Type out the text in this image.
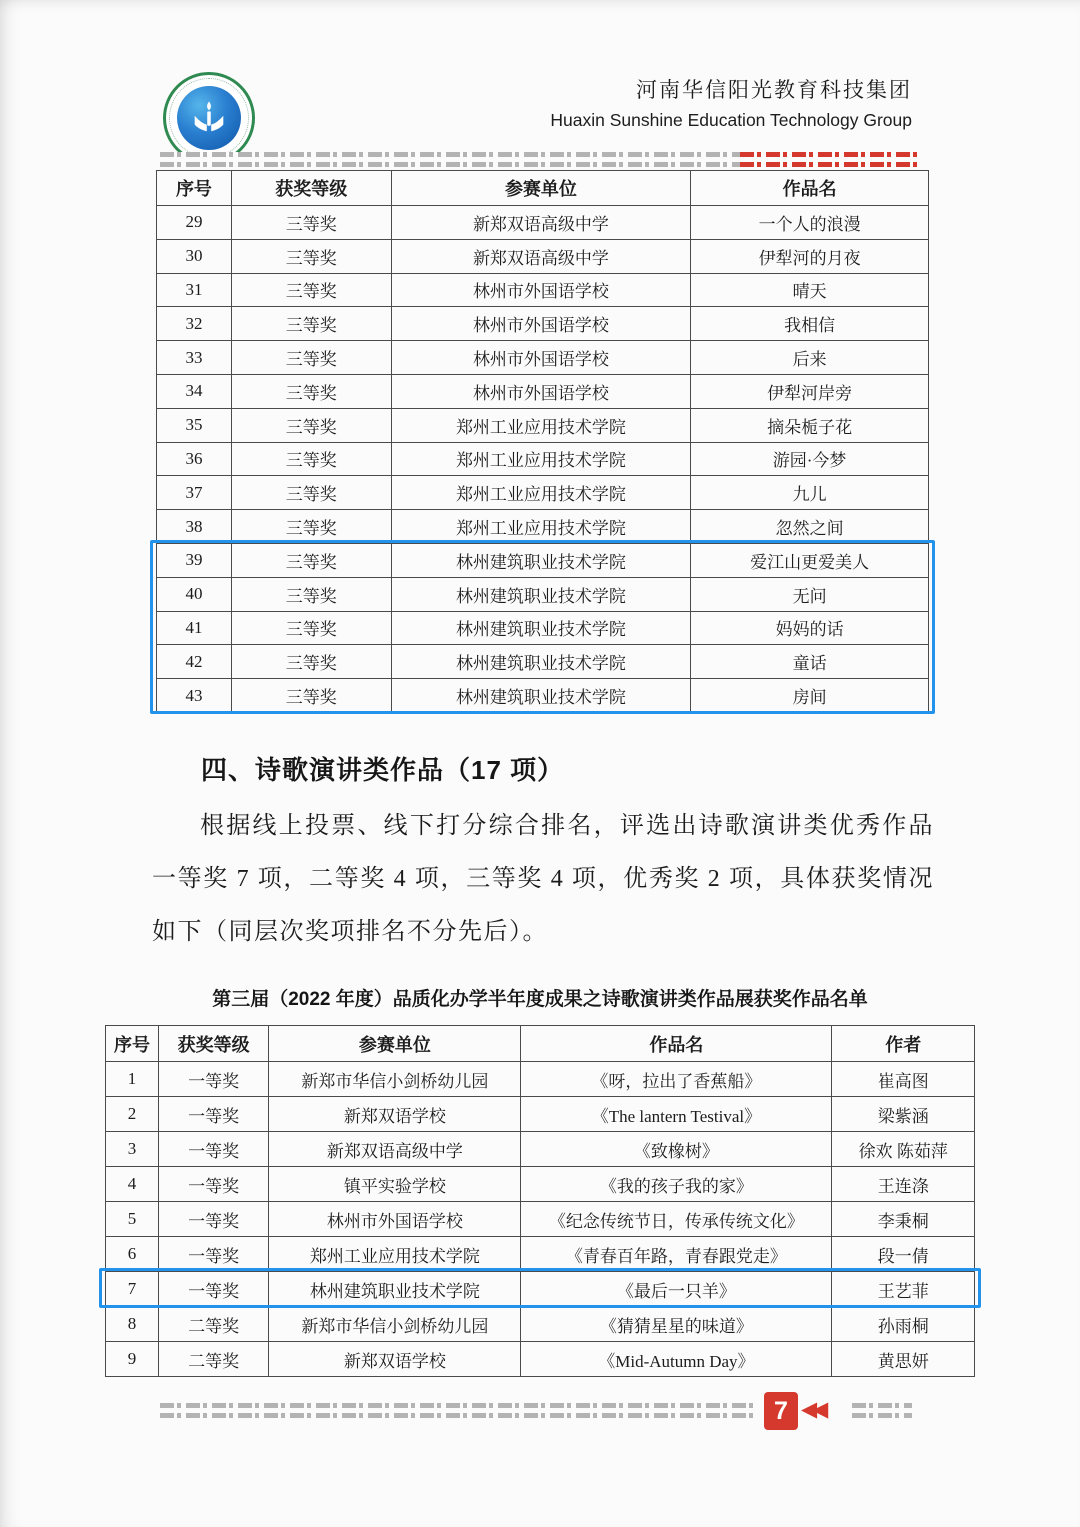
河南华信阳光教育科技集团
Huaxin Sunshine Education Technology Group
序号	获奖等级	参赛单位	作品名
29	三等奖	新郑双语高级中学	一个人的浪漫
30	三等奖	新郑双语高级中学	伊犁河的月夜
31	三等奖	林州市外国语学校	晴天
32	三等奖	林州市外国语学校	我相信
33	三等奖	林州市外国语学校	后来
34	三等奖	林州市外国语学校	伊犁河岸旁
35	三等奖	郑州工业应用技术学院	摘朵栀子花
36	三等奖	郑州工业应用技术学院	游园·今梦
37	三等奖	郑州工业应用技术学院	九儿
38	三等奖	郑州工业应用技术学院	忽然之间
39	三等奖	林州建筑职业技术学院	爱江山更爱美人
40	三等奖	林州建筑职业技术学院	无问
41	三等奖	林州建筑职业技术学院	妈妈的话
42	三等奖	林州建筑职业技术学院	童话
43	三等奖	林州建筑职业技术学院	房间
四、诗歌演讲类作品（17 项）

根据线上投票、线下打分综合排名，评选出诗歌演讲类优秀作品一等奖 7 项，二等奖 4 项，三等奖 4 项，优秀奖 2 项，具体获奖情况如下（同层次奖项排名不分先后）。

第三届（2022 年度）品质化办学半年度成果之诗歌演讲类作品展获奖作品名单
序号	获奖等级	参赛单位	作品名	作者
1	一等奖	新郑市华信小剑桥幼儿园	《呀，拉出了香蕉船》	崔高图
2	一等奖	新郑双语学校	《The lantern Testival》	梁紫涵
3	一等奖	新郑双语高级中学	《致橡树》	徐欢 陈茹萍
4	一等奖	镇平实验学校	《我的孩子我的家》	王连涤
5	一等奖	林州市外国语学校	《纪念传统节日，传承传统文化》	李秉桐
6	一等奖	郑州工业应用技术学院	《青春百年路，青春跟党走》	段一倩
7	一等奖	林州建筑职业技术学院	《最后一只羊》	王艺菲
8	二等奖	新郑市华信小剑桥幼儿园	《猜猜星星的味道》	孙雨桐
9	二等奖	新郑双语学校	《Mid-Autumn Day》	黄思妍
7 ◀◀
